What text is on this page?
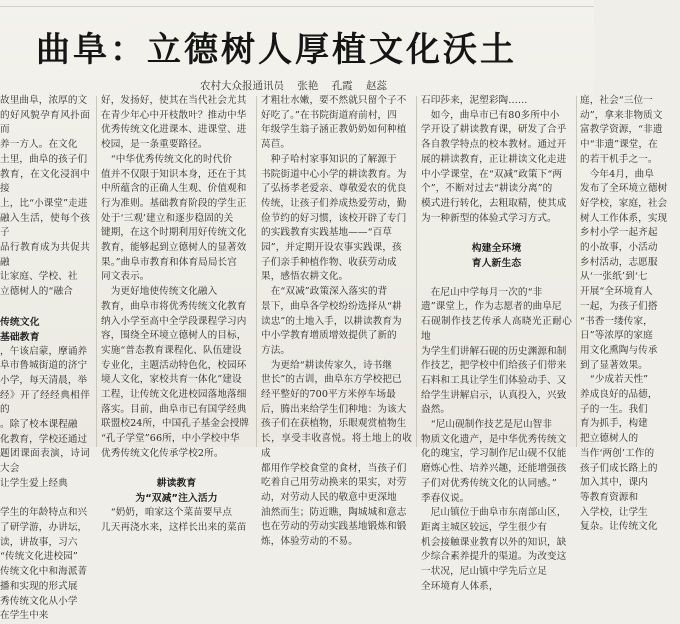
曲阜：立德树人厚植文化沃土
农村大众报通讯员 张艳 孔霞 赵蕊

故里曲阜，浓厚的文

的好风貌孕育风扑面而

养一方人。在文化

土里，曲阜的孩子们

教育，在文化浸润中接

上，比“小课堂”走进

融入生活，使每个孩子

品行教育成为共促共融

让家庭、学校、社

立德树人的“融合

传统文化

基础教育

，午该启蒙，摩诵养

阜市鲁城街道的济宁

小学，每天清晨，举

经》开了经经典相伴的

。除了校本课程融

化教育，学校还通过

题团课面表演，诗词大会

让学生爱上经典

学生的年龄特点和兴

了研学游，办讲坛，

读，讲故事，习六

“传统文化进校园”

传统文化中和海派菁

播和实现的形式展

秀传统文化从小学

在学生中来

好，发扬好，使其在当代社会尤其

在青少年心中开枝散叶？推动中华

优秀传统文化进课本、进课堂、进

校园，是一条重要路径。

　“中华优秀传统文化的时代价

值并不仅限于知识本身，还在于其

中所蕴含的正确人生观、价值观和

行为准则。基础教育阶段的学生正

处于‘三观’建立和逐步稳固的关

键期，在这个时期利用好传统文化

教育，能够起到立德树人的显著效

果。”曲阜市教育和体育局局长宫

同文表示。

　为更好地使传统文化融入

教育，曲阜市将优秀传统文化教育

纳入小学至高中全学段课程学习内

容，围绕全环境立德树人的目标，

实施“普态教育课程化、队伍建设

专业化，主题活动特色化，校园环

境人文化，家校共育一体化”建设

工程，让传统文化进校园落地落细

落实。目前，曲阜市已有国学经典

联盟校24所，中国孔子基金会授牌

“孔子学堂”66所，中小学校中华

优秀传统文化传承学校2所。

耕读教育

为“双减”注入活力

　“奶奶，咱家这个菜苗要早点

儿天再浇水来，这样长出来的菜苗

才粗壮水嫩，要不然就只留个子不

好吃了。”在书院街道府前村，四

年级学生翁子涵正教奶奶如何种植

莴苣。

　种子哈村家事知识的了解源于

书院街道中心小学的耕读教育。为

了弘扬孝老爱亲、尊敬爱农的优良

传统，让孩子们养成热爱劳动，勤

俭节约的好习惯，该校开辟了专门

的实践教育实践基地——“百草

园”，并定期开设农事实践课，孩

子们亲手种植作物、收获劳动成

果，感悟农耕文化。

　在“双减”政策深入落实的背

景下，曲阜各学校纷纷选择从“耕

读忠”的土地入手，以耕读教育为

中小学教育增质增效提供了新的

方法。

　为更给“耕读传家久，诗书继

世长”的古训，曲阜东方学校把已

经平整好的700平方米停车场最

后，腾出来给学生们种地：为该大

孩子们在获植物，乐眼观赏植物生

长，享受丰收喜悦。将土地上的收成

都用作学校食堂的食材，当孩子们

吃着自己用劳动换来的果实，对劳

动，对劳动人民的敬意中更深地

油然而生；防近瞧，陶城城和意志

也在劳动的劳动实践基地锻炼和锻

炼，体验劳动的不易。

石印莎来，泥塑彩陶……

　如今，曲阜市已有80多所中小

学开设了耕读教育课，研发了合乎

各自教学特点的校本教材。通过开

展的耕读教育，正让耕读文化走进

中小学课堂，在“双减”政策下“两

个”，不断对过去“耕读分离”的

模式进行转化，去粗取精，使其成

为一种新型的体验式学习方式。

构建全环境

育人新生态

　在尼山中学每月一次的“非

遗”课堂上，作为志愿者的曲阜尼

石砚制作技艺传承人高晓光正耐心地

为学生们讲解石砚的历史渊源和制

作技艺，把学校中们给孩子们带来

石料和工具让学生们体验动手、又

给学生讲解启示，认真投入，兴致

盎然。

　“尼山砚制作技艺是尼山智非

物质文化遗产，是中华优秀传统文

化的瑰宝，学习制作尼山砚不仅能

磨炼心性、培养兴趣，还能增强孩

子们对优秀传统文化的认同感。”

季春仪说。

　尼山镇位于曲阜市东南部山区，

距离主城区较远，学生很少有

机会接触课业教育以外的知识，缺

少综合素养提升的渠道。为改变这

一状况，尼山镇中学先后立足

全环境育人体系，

庭，社会“三位一

动”，拿来非物质文

富教学资源，“非遗

中“非遗”课堂，在

的若干机手之一。

　今年4月，曲阜

发布了全环境立德树

好学校，家庭，社会

树人工作体系，实现

乡村小学一起齐起

的小故事，小活动

乡村活动，志愿服

从‘一张纸’到‘七

开展“全环境育人

一起，为孩子们搭

“书香一缕传家，

日”等浓厚的家庭

用文化熏陶与传承

到了显著效果。

　“少成若天性”

养成良好的品德，

子的一生。我们

育为抓手，构建

把立德树人的

当作‘两创’工作的

孩子们成长路上的

加入其中，课内

等教育资源和

入学校，让学生

复杂。让传统文化
